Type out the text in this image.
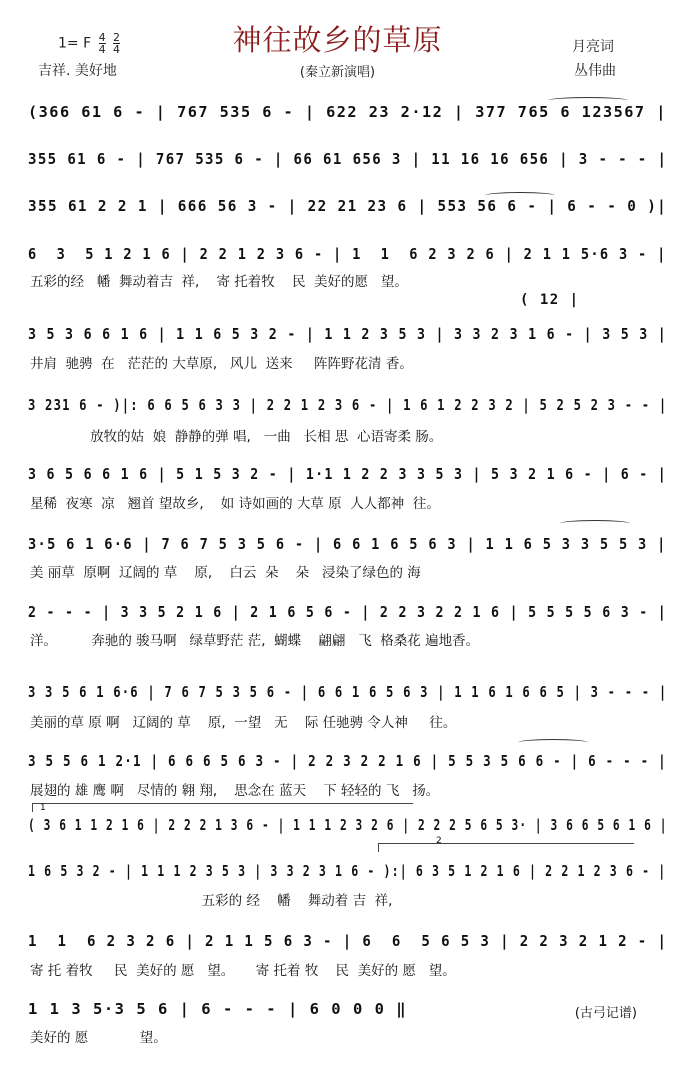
神往故乡的草原
1= F $\frac{4}{4} \frac{2}{4}$
吉祥. 美好地	(秦立新演唱)
月亮词
丛伟曲
(366 61 6 - | 767 535 6 - | 622 23 2·12 | 377 765 6 123567 |
355 61 6 - | 767 535 6 - | 66 61 656 3 | 11 16 16 656 | 3 - - - |
355 61 2 2 1 | 666 56 3 - | 22 21 23 6 | 553 56 6 - | 6 - - 0 )|
6  3  5 1 2 1 6 | 2 2 1 2 3 6 - | 1  1  6 2 3 2 6 | 2 1 1 5·6 3 - |
五彩的经   幡  舞动着吉  祥,    寄 托着牧    民  美好的愿   望。
( 12 |
3 5 3 6 6 1 6 | 1 1 6 5 3 2 - | 1 1 2 3 5 3 | 3 3 2 3 1 6 - | 3 5 3 |
井肩  驰骋  在   茫茫的 大草原,   风儿  送来     阵阵野花清 香。
3 231 6 - )|: 6 6 5 6 3 3 | 2 2 1 2 3 6 - | 1 6 1 2 2 3 2 | 5 2 5 2 3 - - |
放牧的姑  娘  静静的弹 唱,   一曲   长相 思  心语寄柔 肠。
3 6 5 6 6 1 6 | 5 1 5 3 2 - | 1·1 1 2 2 3 3 5 3 | 5 3 2 1 6 - | 6 - |
星稀  夜寒  凉   翘首 望故乡,    如 诗如画的 大草 原  人人都神  往。
3·5 6 1 6·6 | 7 6 7 5 3 5 6 - | 6 6 1 6 5 6 3 | 1 1 6 5 3 3 5 5 3 |
美 丽草  原啊  辽阔的 草    原,    白云  朵    朵   浸染了绿色的 海
2 - - - | 3 3 5 2 1 6 | 2 1 6 5 6 - | 2 2 3 2 2 1 6 | 5 5 5 5 6 3 - |
洋。        奔驰的 骏马啊   绿草野茫 茫,  蝴蝶    翩翩   飞  格桑花 遍地香。
3 3 5 6 1 6·6 | 7 6 7 5 3 5 6 - | 6 6 1 6 5 6 3 | 1 1 6 1 6 6 5 | 3 - - - |
美丽的草 原 啊   辽阔的 草    原,  一望   无    际 任驰骋 令人神     往。
3 5 5 6 1 2·1 | 6 6 6 5 6 3 - | 2 2 3 2 2 1 6 | 5 5 3 5 6 6 - | 6 - - - |
展翅的 雄 鹰 啊   尽情的 翱 翔,    思念在 蓝天    下 轻轻的 飞   扬。
1
( 3 6 1 1 2 1 6 | 2 2 2 1 3 6 - | 1 1 1 2 3 2 6 | 2 2 2 5 6 5 3· | 3 6 6 5 6 1 6 |
2
1 6 5 3 2 - | 1 1 1 2 3 5 3 | 3 3 2 3 1 6 - ):| 6 3 5 1 2 1 6 | 2 2 1 2 3 6 - |
五彩的 经    幡    舞动着 吉  祥,
1  1  6 2 3 2 6 | 2 1 1 5 6 3 - | 6  6  5 6 5 3 | 2 2 3 2 1 2 - |
寄 托 着牧     民  美好的 愿   望。     寄 托着 牧    民  美好的 愿   望。
1 1 3 5·3 5 6 | 6 - - - | 6 0 0 0 ‖
美好的 愿            望。
(古弓记谱)
